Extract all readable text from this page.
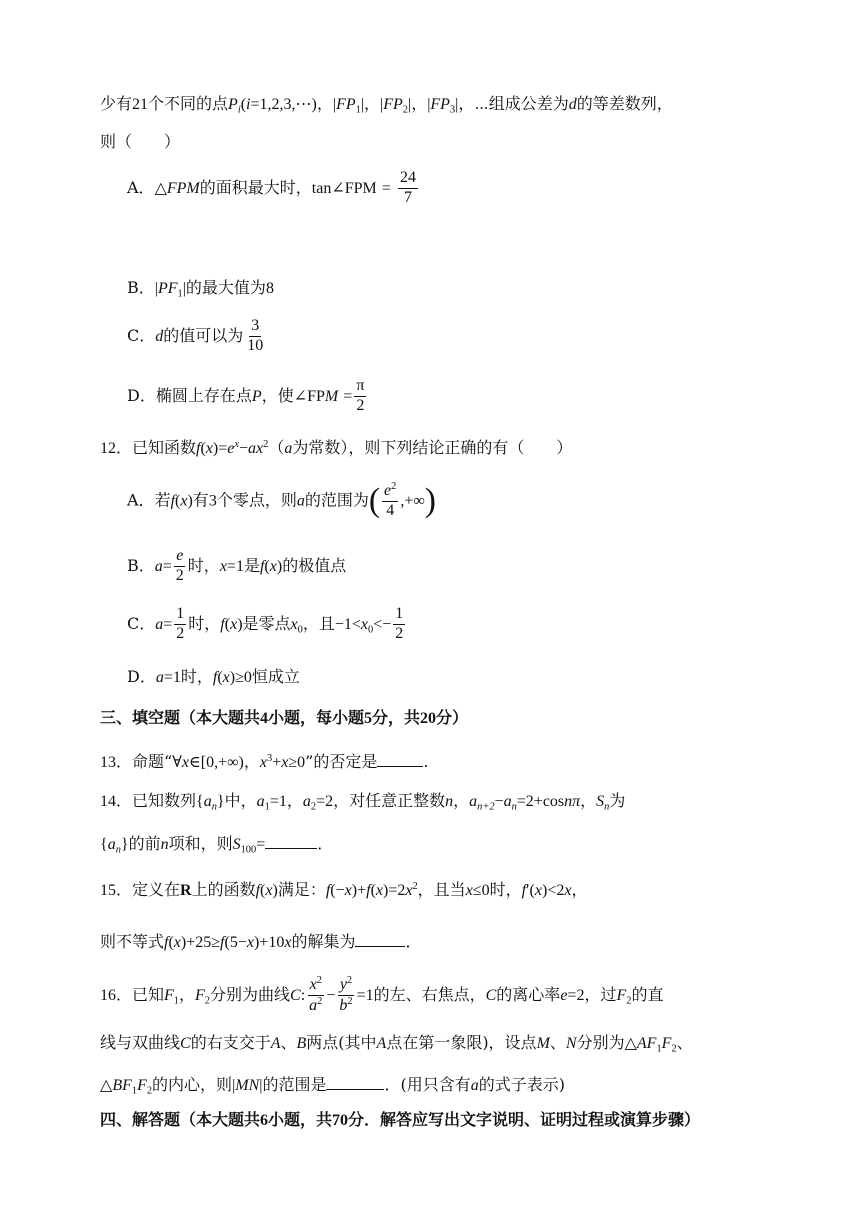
少有21个不同的点$P_i(i=1,2,3,\cdots)$，$|FP_1|$，$|FP_2|$，$|FP_3|$，⋯组成公差为d的等差数列，
则（　　）
A．△FPM的面积最大时，tan∠FPM = $\frac{24}{7}$
B．$|PF_1|$的最大值为8
C．d的值可以为 $\frac{3}{10}$
D．椭圆上存在点P，使∠FPM = $\frac{\pi}{2}$
12．已知函数$f(x)=e^x-ax^2(a$为常数），则下列结论正确的有（　　）
A．若f(x)有3个零点，则a的范围为( $\frac{e^2}{4}$ ,+∞)
B．$a= \frac{e}{2}$ 时，x=1是f(x)的极值点
C．$a= \frac{1}{2}$ 时，f(x)是零点$x_0$，且$-1<x_0<- \frac{1}{2}$
D．a=1时，f(x)≥0恒成立
三、填空题（本大题共4小题，每小题5分，共20分）
13．命题“∀x∈[0,+∞)，$x^3+x\ge 0$”的否定是	.
14．已知数列$\{a_n\}$中，$a_1=1$，$a_2=2$，对任意正整数n，$a_{n+2}-a_n=2+\cos n\pi$，$S_n$为
$\{a_n\}$的前n项和，则$S_{100}=$	．
15．定义在R上的函数f(x)满足：$f(-x)+f(x)=2x^2$，且当x≤0时，f′(x)<2x，
则不等式f(x)+25≥f(5−x)+10x的解集为	．
16．已知$F_1$，$F_2$分别为曲线C: $\frac{x^2}{a^2} - \frac{y^2}{b^2} =1$的左、右焦点，C的离心率e=2，过$F_2$的直
线与双曲线C的右支交于A、B两点(其中A点在第一象限)，设点M、N分别为$\triangle AF_1F_2$、
$\triangle BF_1F_2$的内心，则|MN|的范围是	．(用只含有a的式子表示)
四、解答题（本大题共6小题，共70分．解答应写出文字说明、证明过程或演算步骤）
